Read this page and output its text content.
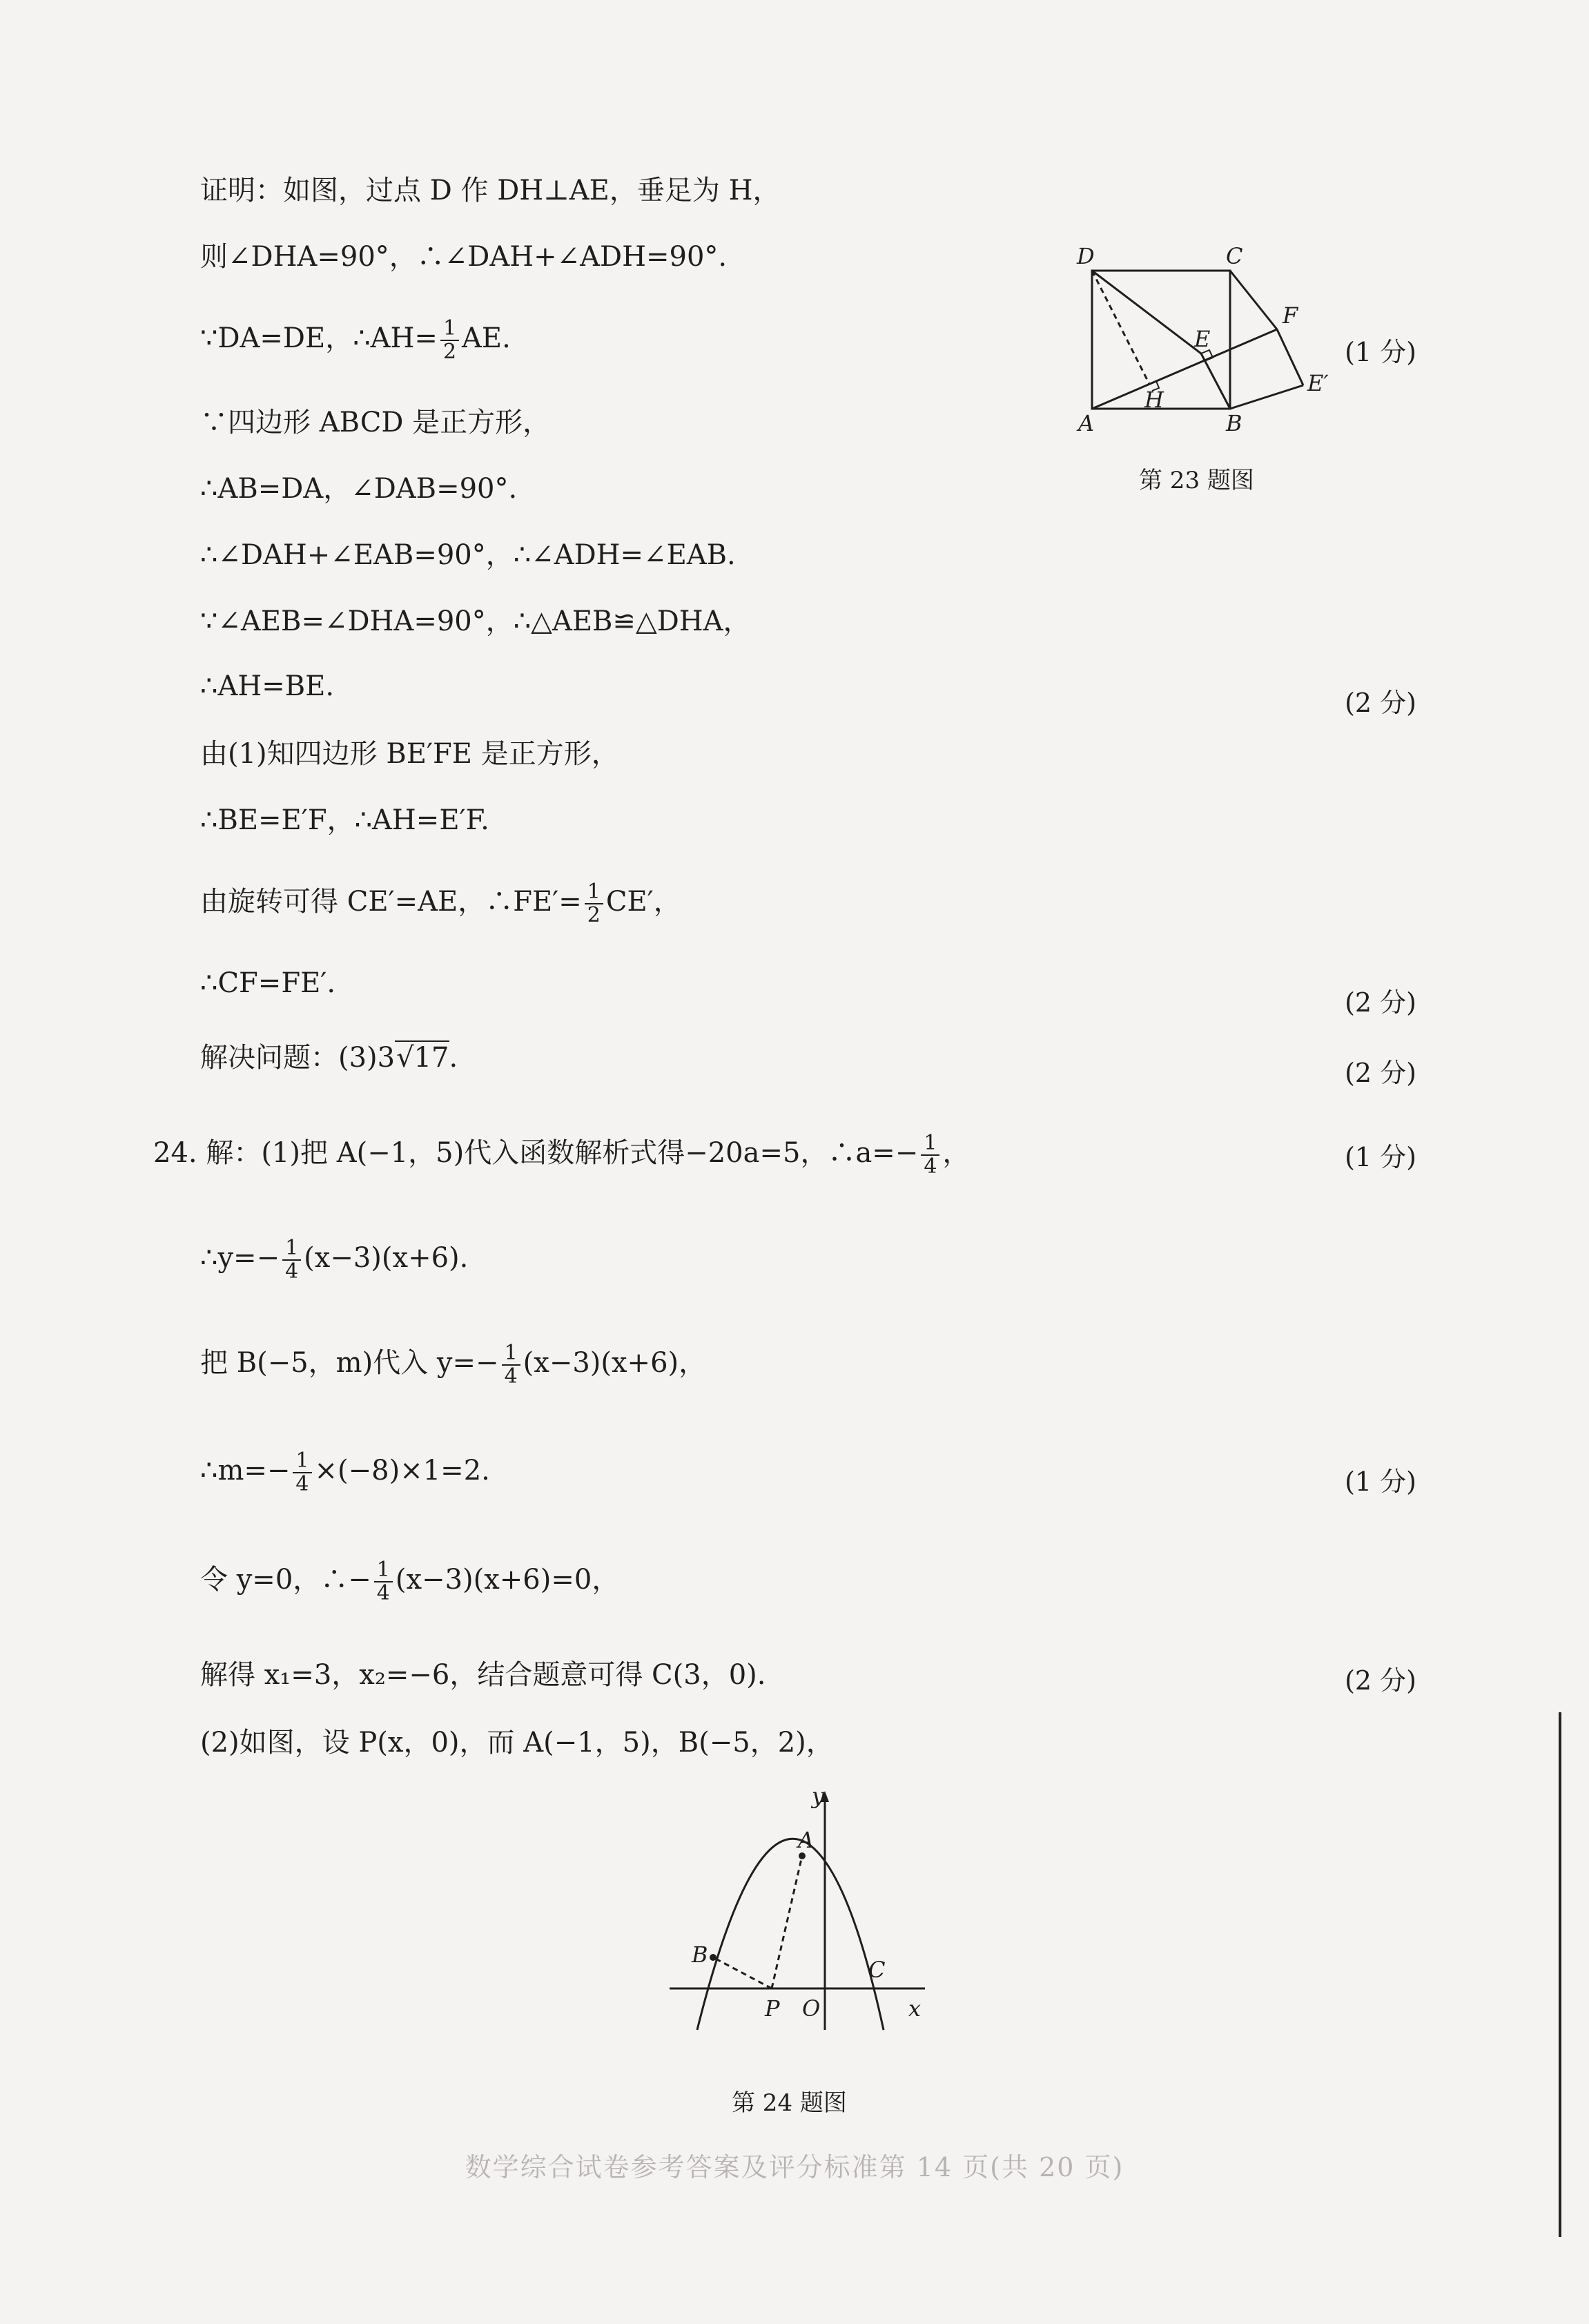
证明：如图，过点 D 作 DH⊥AE，垂足为 H，
则∠DHA=90°，∴∠DAH+∠ADH=90°.
∵DA=DE，∴AH= $\frac{1}{2}$ AE.
∵四边形 ABCD 是正方形，
∴AB=DA，∠DAB=90°.
∴∠DAH+∠EAB=90°，∴∠ADH=∠EAB.
∵∠AEB=∠DHA=90°，∴△AEB≌△DHA，
∴AH=BE.
由(1)知四边形 BE′FE 是正方形，
∴BE=E′F，∴AH=E′F.
由旋转可得 CE′=AE，∴FE′= $\frac{1}{2} CE'$，
∴CF=FE′.
解决问题：(3)3√17.
D	C
F
E
E′
H
A	B
第 23 题图
24. 解：(1)把 A(−1，5)代入函数解析式得−20a=5，∴a=− $\frac{1}{4}$ ，
∴y=− $\frac{1}{4} (x-3)(x+6)$.
把 B(−5，m)代入 $y=- \frac{1}{4} (x-3)(x+6)$，
∴m=− $\frac{1}{4} \times(-8)\times 1=2$.
令 y=0，∴− $\frac{1}{4} (x-3)(x+6)=0$，
解得 x₁=3，x₂=−6，结合题意可得 C(3，0).
(2)如图，设 P(x，0)，而 A(−1，5)，B(−5，2)，
(1 分)
(2 分)
(2 分)
(2 分)
(1 分)
(1 分)
(2 分)
y
A
B
C
P O	x
第 24 题图
数学综合试卷参考答案及评分标准第 14 页(共 20 页)
